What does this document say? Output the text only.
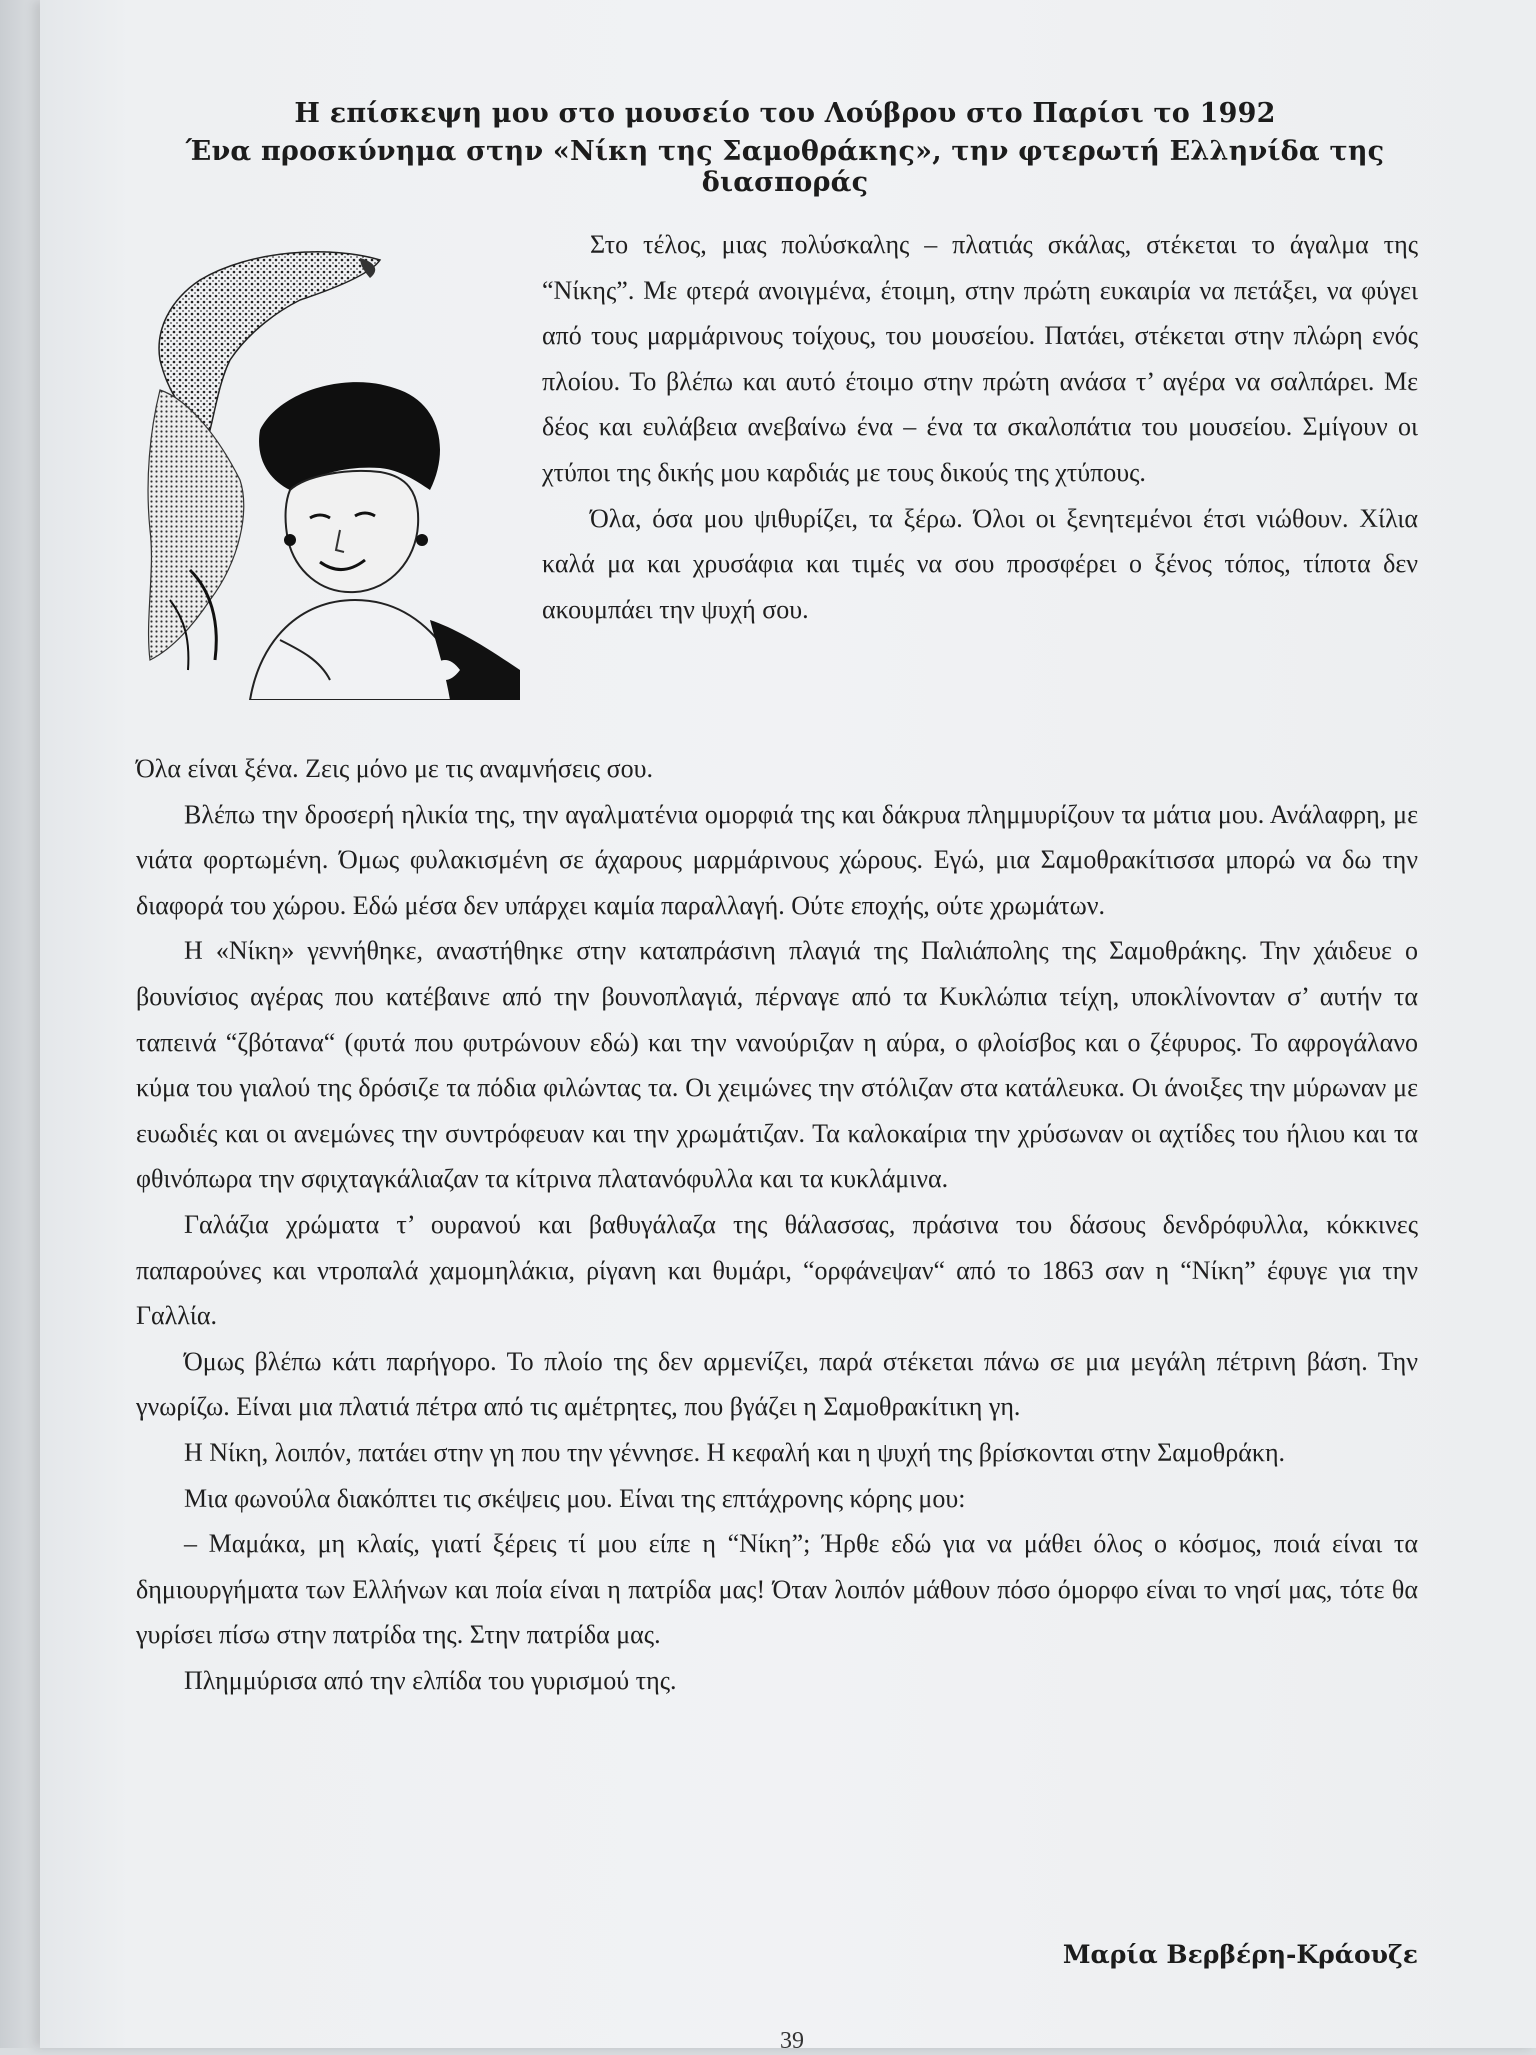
Η επίσκεψη μου στο μουσείο του Λούβρου στο Παρίσι το 1992
Ένα προσκύνημα στην «Νίκη της Σαμοθράκης», την φτερωτή Ελληνίδα της διασποράς

Στο τέλος, μιας πολύσκαλης – πλατιάς σκάλας, στέκεται το άγαλμα της “Νίκης”. Με φτερά ανοιγμένα, έτοιμη, στην πρώτη ευκαιρία να πετάξει, να φύγει από τους μαρμάρινους τοίχους, του μουσείου. Πατάει, στέκεται στην πλώρη ενός πλοίου. Το βλέπω και αυτό έτοιμο στην πρώτη ανάσα τ’ αγέρα να σαλπάρει. Με δέος και ευλάβεια ανεβαίνω ένα – ένα τα σκαλοπάτια του μουσείου. Σμίγουν οι χτύποι της δικής μου καρδιάς με τους δικούς της χτύπους.

Όλα, όσα μου ψιθυρίζει, τα ξέρω. Όλοι οι ξενητεμένοι έτσι νιώθουν. Χίλια καλά μα και χρυσάφια και τιμές να σου προσφέρει ο ξένος τόπος, τίποτα δεν ακουμπάει την ψυχή σου.

Όλα είναι ξένα. Ζεις μόνο με τις αναμνήσεις σου.

Βλέπω την δροσερή ηλικία της, την αγαλματένια ομορφιά της και δάκρυα πλημμυρίζουν τα μάτια μου. Ανάλαφρη, με νιάτα φορτωμένη. Όμως φυλακισμένη σε άχαρους μαρμάρινους χώρους. Εγώ, μια Σαμοθρακίτισσα μπορώ να δω την διαφορά του χώρου. Εδώ μέσα δεν υπάρχει καμία παραλλαγή. Ούτε εποχής, ούτε χρωμάτων.

Η «Νίκη» γεννήθηκε, αναστήθηκε στην καταπράσινη πλαγιά της Παλιάπολης της Σαμοθράκης. Την χάιδευε ο βουνίσιος αγέρας που κατέβαινε από την βουνοπλαγιά, πέρναγε από τα Κυκλώπια τείχη, υποκλίνονταν σ’ αυτήν τα ταπεινά “ζβότανα“ (φυτά που φυτρώνουν εδώ) και την νανούριζαν η αύρα, ο φλοίσβος και ο ζέφυρος. Το αφρογάλανο κύμα του γιαλού της δρόσιζε τα πόδια φιλώντας τα. Οι χειμώνες την στόλιζαν στα κατάλευκα. Οι άνοιξες την μύρωναν με ευωδιές και οι ανεμώνες την συντρόφευαν και την χρωμάτιζαν. Τα καλοκαίρια την χρύσωναν οι αχτίδες του ήλιου και τα φθινόπωρα την σφιχταγκάλιαζαν τα κίτρινα πλατανόφυλλα και τα κυκλάμινα.

Γαλάζια χρώματα τ’ ουρανού και βαθυγάλαζα της θάλασσας, πράσινα του δάσους δενδρόφυλλα, κόκκινες παπαρούνες και ντροπαλά χαμομηλάκια, ρίγανη και θυμάρι, “ορφάνεψαν“ από το 1863 σαν η “Νίκη” έφυγε για την Γαλλία.

Όμως βλέπω κάτι παρήγορο. Το πλοίο της δεν αρμενίζει, παρά στέκεται πάνω σε μια μεγάλη πέτρινη βάση. Την γνωρίζω. Είναι μια πλατιά πέτρα από τις αμέτρητες, που βγάζει η Σαμοθρακίτικη γη.

Η Νίκη, λοιπόν, πατάει στην γη που την γέννησε. Η κεφαλή και η ψυχή της βρίσκονται στην Σαμοθράκη.

Μια φωνούλα διακόπτει τις σκέψεις μου. Είναι της επτάχρονης κόρης μου:

– Μαμάκα, μη κλαίς, γιατί ξέρεις τί μου είπε η “Νίκη”; Ήρθε εδώ για να μάθει όλος ο κόσμος, ποιά είναι τα δημιουργήματα των Ελλήνων και ποία είναι η πατρίδα μας! Όταν λοιπόν μάθουν πόσο όμορφο είναι το νησί μας, τότε θα γυρίσει πίσω στην πατρίδα της. Στην πατρίδα μας.

Πλημμύρισα από την ελπίδα του γυρισμού της.

Μαρία Βερβέρη-Κράουζε
39
